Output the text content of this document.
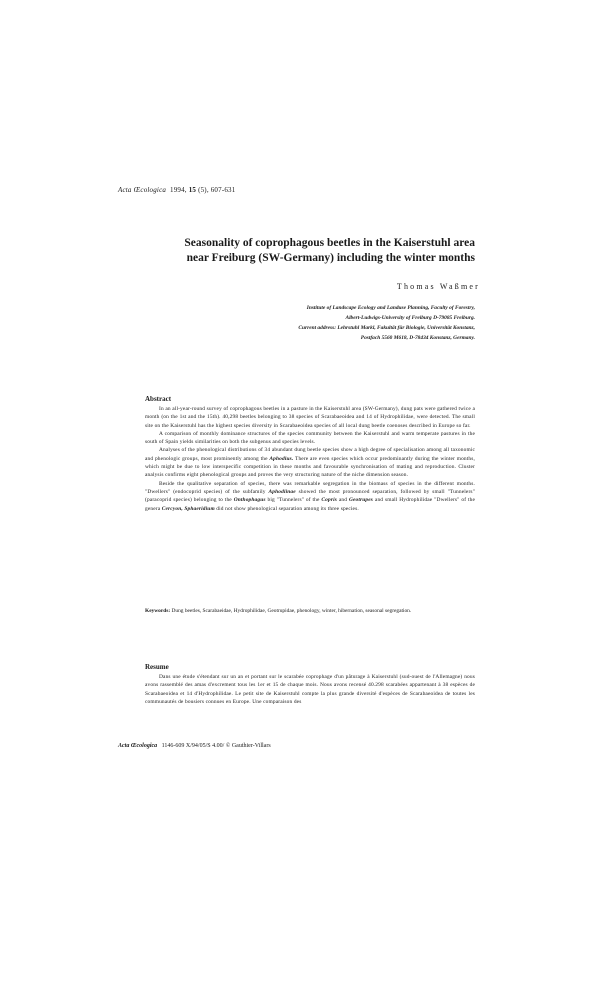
Acta Œcologica 1994, 15 (5), 607-631
Seasonality of coprophagous beetles in the Kaiserstuhl area
near Freiburg (SW-Germany) including the winter months
Thomas Waßmer
Institute of Landscape Ecology and Landuse Planning, Faculty of Forestry,
Albert-Ludwigs-University of Freiburg D-79085 Freiburg.
Current address: Lehrstuhl Markl, Fakultät für Biologie, Universität Konstanz,
Postfach 5560 M618, D-78434 Konstanz, Germany.
Abstract

In an all-year-round survey of coprophagous beetles in a pasture in the Kaiserstuhl area (SW-Germany), dung pats were gathered twice a month (on the 1st and the 15th). 40,298 beetles belonging to 38 species of Scarabaeoidea and 14 of Hydrophilidae, were detected. The small site on the Kaiserstuhl has the highest species diversity in Scarabaeoidea species of all local dung beetle coenoses described in Europe so far.

A comparison of monthly dominance structures of the species community between the Kaiserstuhl and warm temperate pastures in the south of Spain yields similarities on both the subgenus and species levels.

Analyses of the phenological distributions of 34 abundant dung beetle species show a high degree of specialisation among all taxonomic and phenologic groups, most prominently among the Aphodius. There are even species which occur predominantly during the winter months, which might be due to low interspecific competition in these months and favourable synchronisation of mating and reproduction. Cluster analysis confirms eight phenological groups and proves the very structuring nature of the niche dimension season.

Beside the qualitative separation of species, there was remarkable segregation in the biomass of species in the different months. "Dwellers" (endocoprid species) of the subfamily Aphodiinae showed the most pronounced separation, followed by small "Tunnelers" (paracoprid species) belonging to the Onthophagus big "Tunnelers" of the Copris and Geotrupes and small Hydrophilidae "Dwellers" of the genera Cercyon, Sphaeridium did not show phenological separation among its three species.

Keywords: Dung beetles, Scarabaeidae, Hydrophilidae, Geotrupidae, phenology, winter, hibernation, seasonal segregation.
Resume

Dans une étude s'étendant sur un an et portant sur le scarabée coprophage d'un pâturage à Kaiserstuhl (sud-ouest de l'Allemagne) nous avons rassemblé des amas d'excrement tous les 1er et 15 de chaque mois. Nous avons recensé 40.298 scarabées appartenant à 38 espèces de Scarabaeoidea et 14 d'Hydrophilidae. Le petit site de Kaiserstuhl compte la plus grande diversité d'espèces de Scarabaeoidea de toutes les communautés de bousiers connues en Europe. Une comparaison des

Acta Œcologica 1146-609 X/94/05/S 4.00/ © Gauthier-Villars
